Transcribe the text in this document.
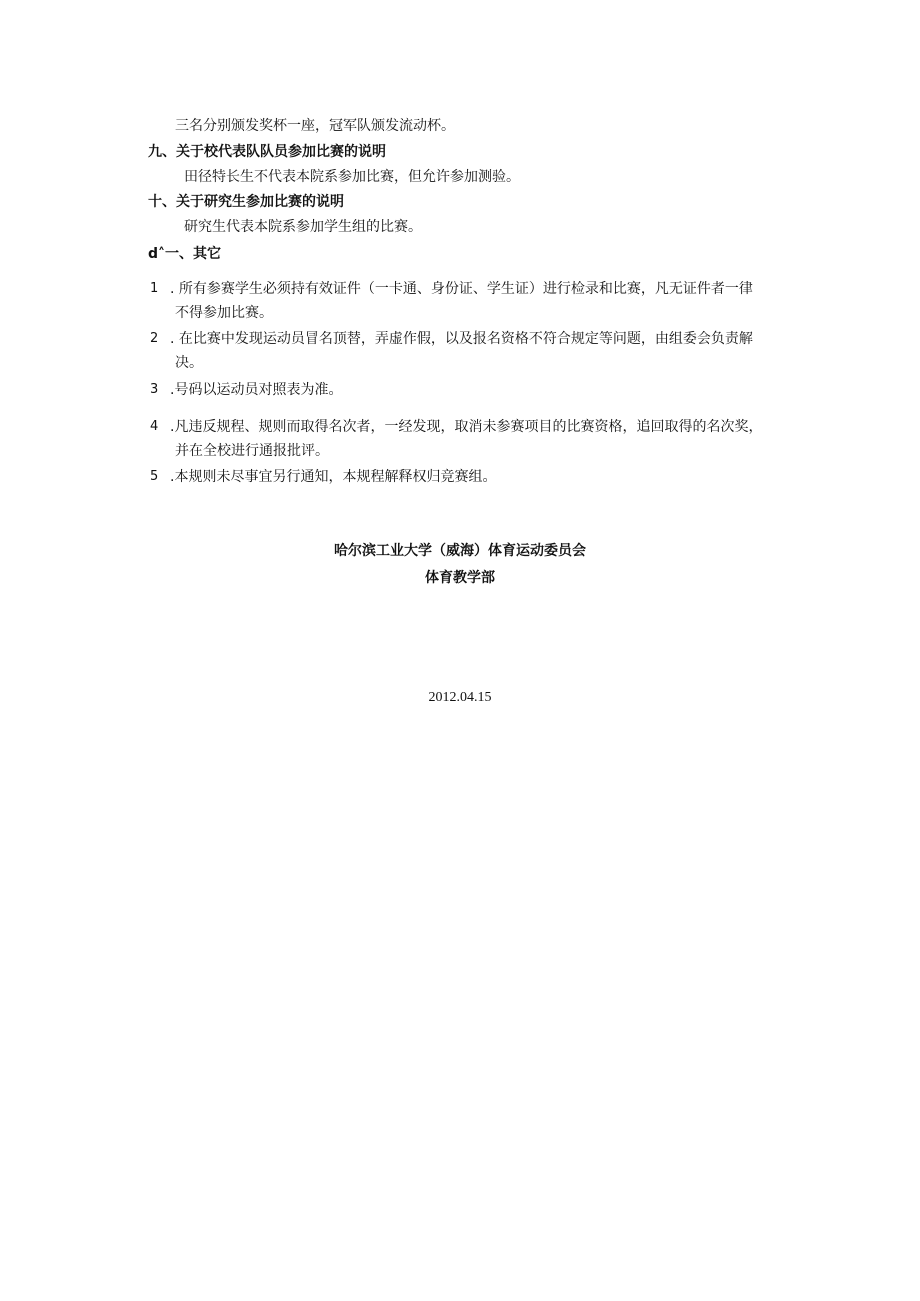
三名分别颁发奖杯一座，冠军队颁发流动杯。
九、关于校代表队队员参加比赛的说明
田径特长生不代表本院系参加比赛，但允许参加测验。
十、关于研究生参加比赛的说明
研究生代表本院系参加学生组的比赛。
d˄一、其它
1 . 所有参赛学生必须持有效证件（一卡通、身份证、学生证）进行检录和比赛，凡无证件者一律
不得参加比赛。
2 . 在比赛中发现运动员冒名顶替，弄虚作假，以及报名资格不符合规定等问题，由组委会负责解
决。
3 .号码以运动员对照表为准。
4 .凡违反规程、规则而取得名次者，一经发现，取消未参赛项目的比赛资格，追回取得的名次奖，
并在全校进行通报批评。
5 .本规则未尽事宜另行通知，本规程解释权归竞赛组。
哈尔滨工业大学（威海）体育运动委员会
体育教学部
2012.04.15
